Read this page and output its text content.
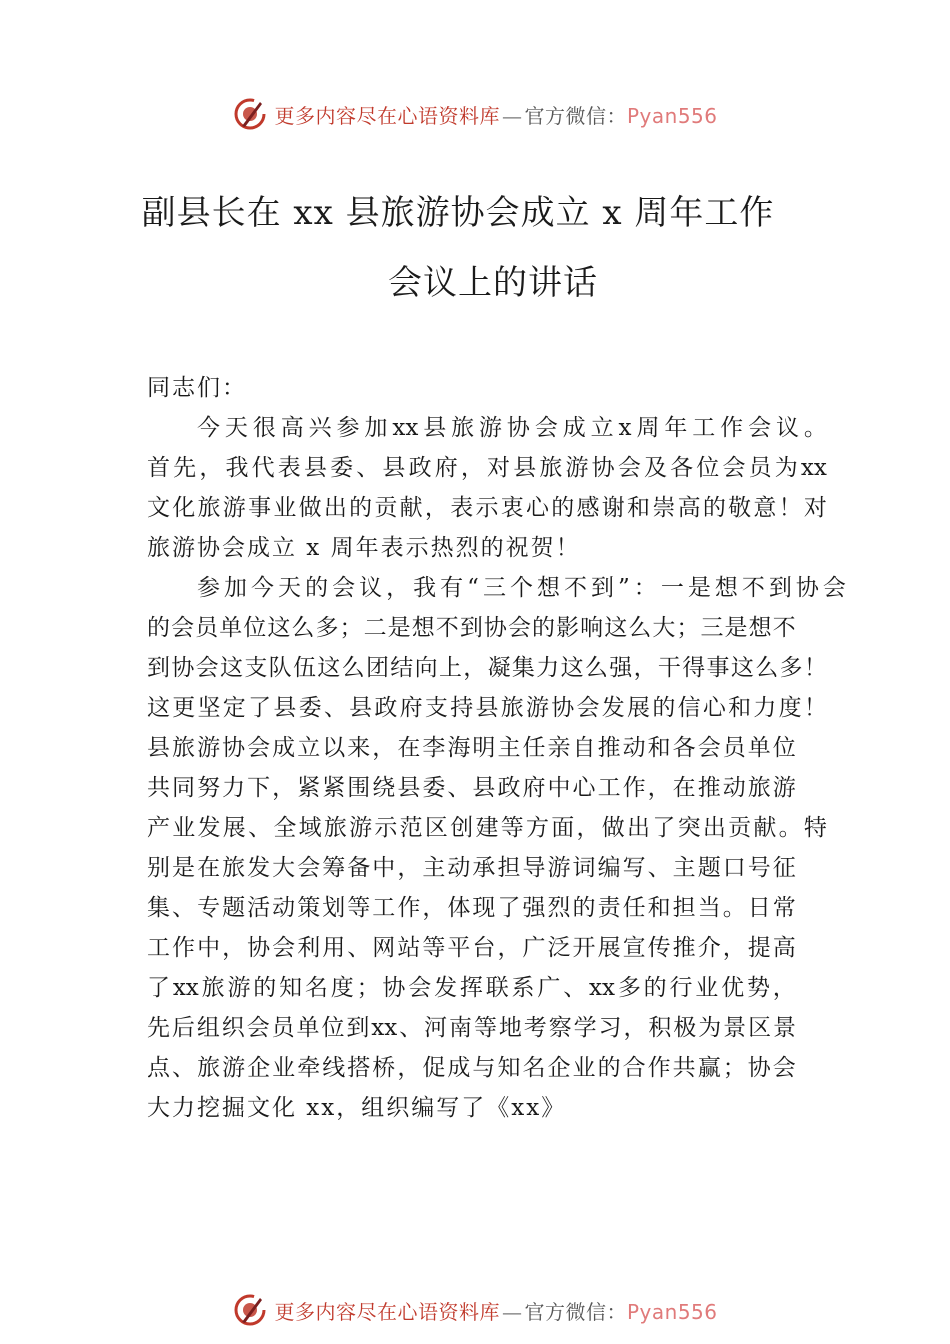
更多内容尽在心语资料库 — 官方微信：Pyan556
副县长在 xx 县旅游协会成立 x 周年工作
会议上的讲话
同志们：
今 天 很 高 兴 参 加 xx 县 旅 游 协 会 成 立 x 周 年 工 作 会 议 。
首 先 ， 我 代 表 县 委 、 县 政 府 ， 对 县 旅 游 协 会 及 各 位 会 员 为 xx
文 化 旅 游 事 业 做 出 的 贡 献 ， 表 示 衷 心 的 感 谢 和 崇 高 的 敬 意 ！ 对
旅游协会成立 x 周年表示热烈的祝贺！
参 加 今 天 的 会 议 ， 我 有 “ 三 个 想 不 到 ” ： 一 是 想 不 到 协 会
的 会 员 单 位 这 么 多 ； 二 是 想 不 到 协 会 的 影 响 这 么 大 ； 三 是 想 不
到 协 会 这 支 队 伍 这 么 团 结 向 上 ， 凝 集 力 这 么 强 ， 干 得 事 这 么 多 ！
这 更 坚 定 了 县 委 、 县 政 府 支 持 县 旅 游 协 会 发 展 的 信 心 和 力 度 ！
县 旅 游 协 会 成 立 以 来 ， 在 李 海 明 主 任 亲 自 推 动 和 各 会 员 单 位
共 同 努 力 下 ， 紧 紧 围 绕 县 委 、 县 政 府 中 心 工 作 ， 在 推 动 旅 游
产 业 发 展 、 全 域 旅 游 示 范 区 创 建 等 方 面 ， 做 出 了 突 出 贡 献 。 特
别 是 在 旅 发 大 会 筹 备 中 ， 主 动 承 担 导 游 词 编 写 、 主 题 口 号 征
集 、 专 题 活 动 策 划 等 工 作 ， 体 现 了 强 烈 的 责 任 和 担 当 。 日 常
工 作 中 ， 协 会 利 用 、 网 站 等 平 台 ， 广 泛 开 展 宣 传 推 介 ， 提 高
了 xx 旅 游 的 知 名 度 ； 协 会 发 挥 联 系 广 、 xx 多 的 行 业 优 势 ，
先 后 组 织 会 员 单 位 到 xx 、 河 南 等 地 考 察 学 习 ， 积 极 为 景 区 景
点 、 旅 游 企 业 牵 线 搭 桥 ， 促 成 与 知 名 企 业 的 合 作 共 赢 ； 协 会
大力挖掘文化 xx，组织编写了《xx》
更多内容尽在心语资料库 — 官方微信：Pyan556
